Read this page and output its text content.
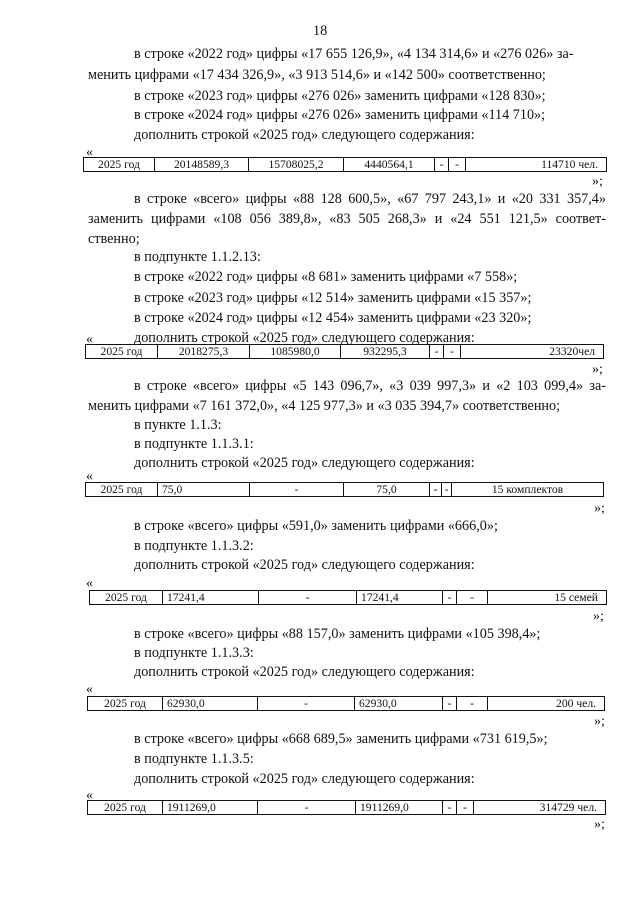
18
в строке «2022 год» цифры «17 655 126,9», «4 134 314,6» и «276 026» за-
менить цифрами «17 434 326,9», «3 913 514,6» и «142 500» соответственно;
в строке «2023 год» цифры «276 026» заменить цифрами «128 830»;
в строке «2024 год» цифры «276 026» заменить цифрами «114 710»;
дополнить строкой «2025 год» следующего содержания:
«
2025 год	20148589,3	15708025,2	4440564,1	-	-	114710 чел.
»;
в строке «всего» цифры «88 128 600,5», «67 797 243,1» и «20 331 357,4»
заменить цифрами «108 056 389,8», «83 505 268,3» и «24 551 121,5» соответ-
ственно;
в подпункте 1.1.2.13:
в строке «2022 год» цифры «8 681» заменить цифрами «7 558»;
в строке «2023 год» цифры «12 514» заменить цифрами «15 357»;
в строке «2024 год» цифры «12 454» заменить цифрами «23 320»;
дополнить строкой «2025 год» следующего содержания:
«
2025 год	2018275,3	1085980,0	932295,3	-	-	23320чел
»;
в строке «всего» цифры «5 143 096,7», «3 039 997,3» и «2 103 099,4» за-
менить цифрами «7 161 372,0», «4 125 977,3» и «3 035 394,7» соответственно;
в пункте 1.1.3:
в подпункте 1.1.3.1:
дополнить строкой «2025 год» следующего содержания:
«
2025 год	75,0	-	75,0	-	-	15 комплектов
»;
в строке «всего» цифры «591,0» заменить цифрами «666,0»;
в подпункте 1.1.3.2:
дополнить строкой «2025 год» следующего содержания:
«
2025 год	17241,4	-	17241,4	-	-	15 семей
»;
в строке «всего» цифры «88 157,0» заменить цифрами «105 398,4»;
в подпункте 1.1.3.3:
дополнить строкой «2025 год» следующего содержания:
«
2025 год	62930,0	-	62930,0	-	-	200 чел.
»;
в строке «всего» цифры «668 689,5» заменить цифрами «731 619,5»;
в подпункте 1.1.3.5:
дополнить строкой «2025 год» следующего содержания:
«
2025 год	1911269,0	-	1911269,0	-	-	314729 чел.
»;
